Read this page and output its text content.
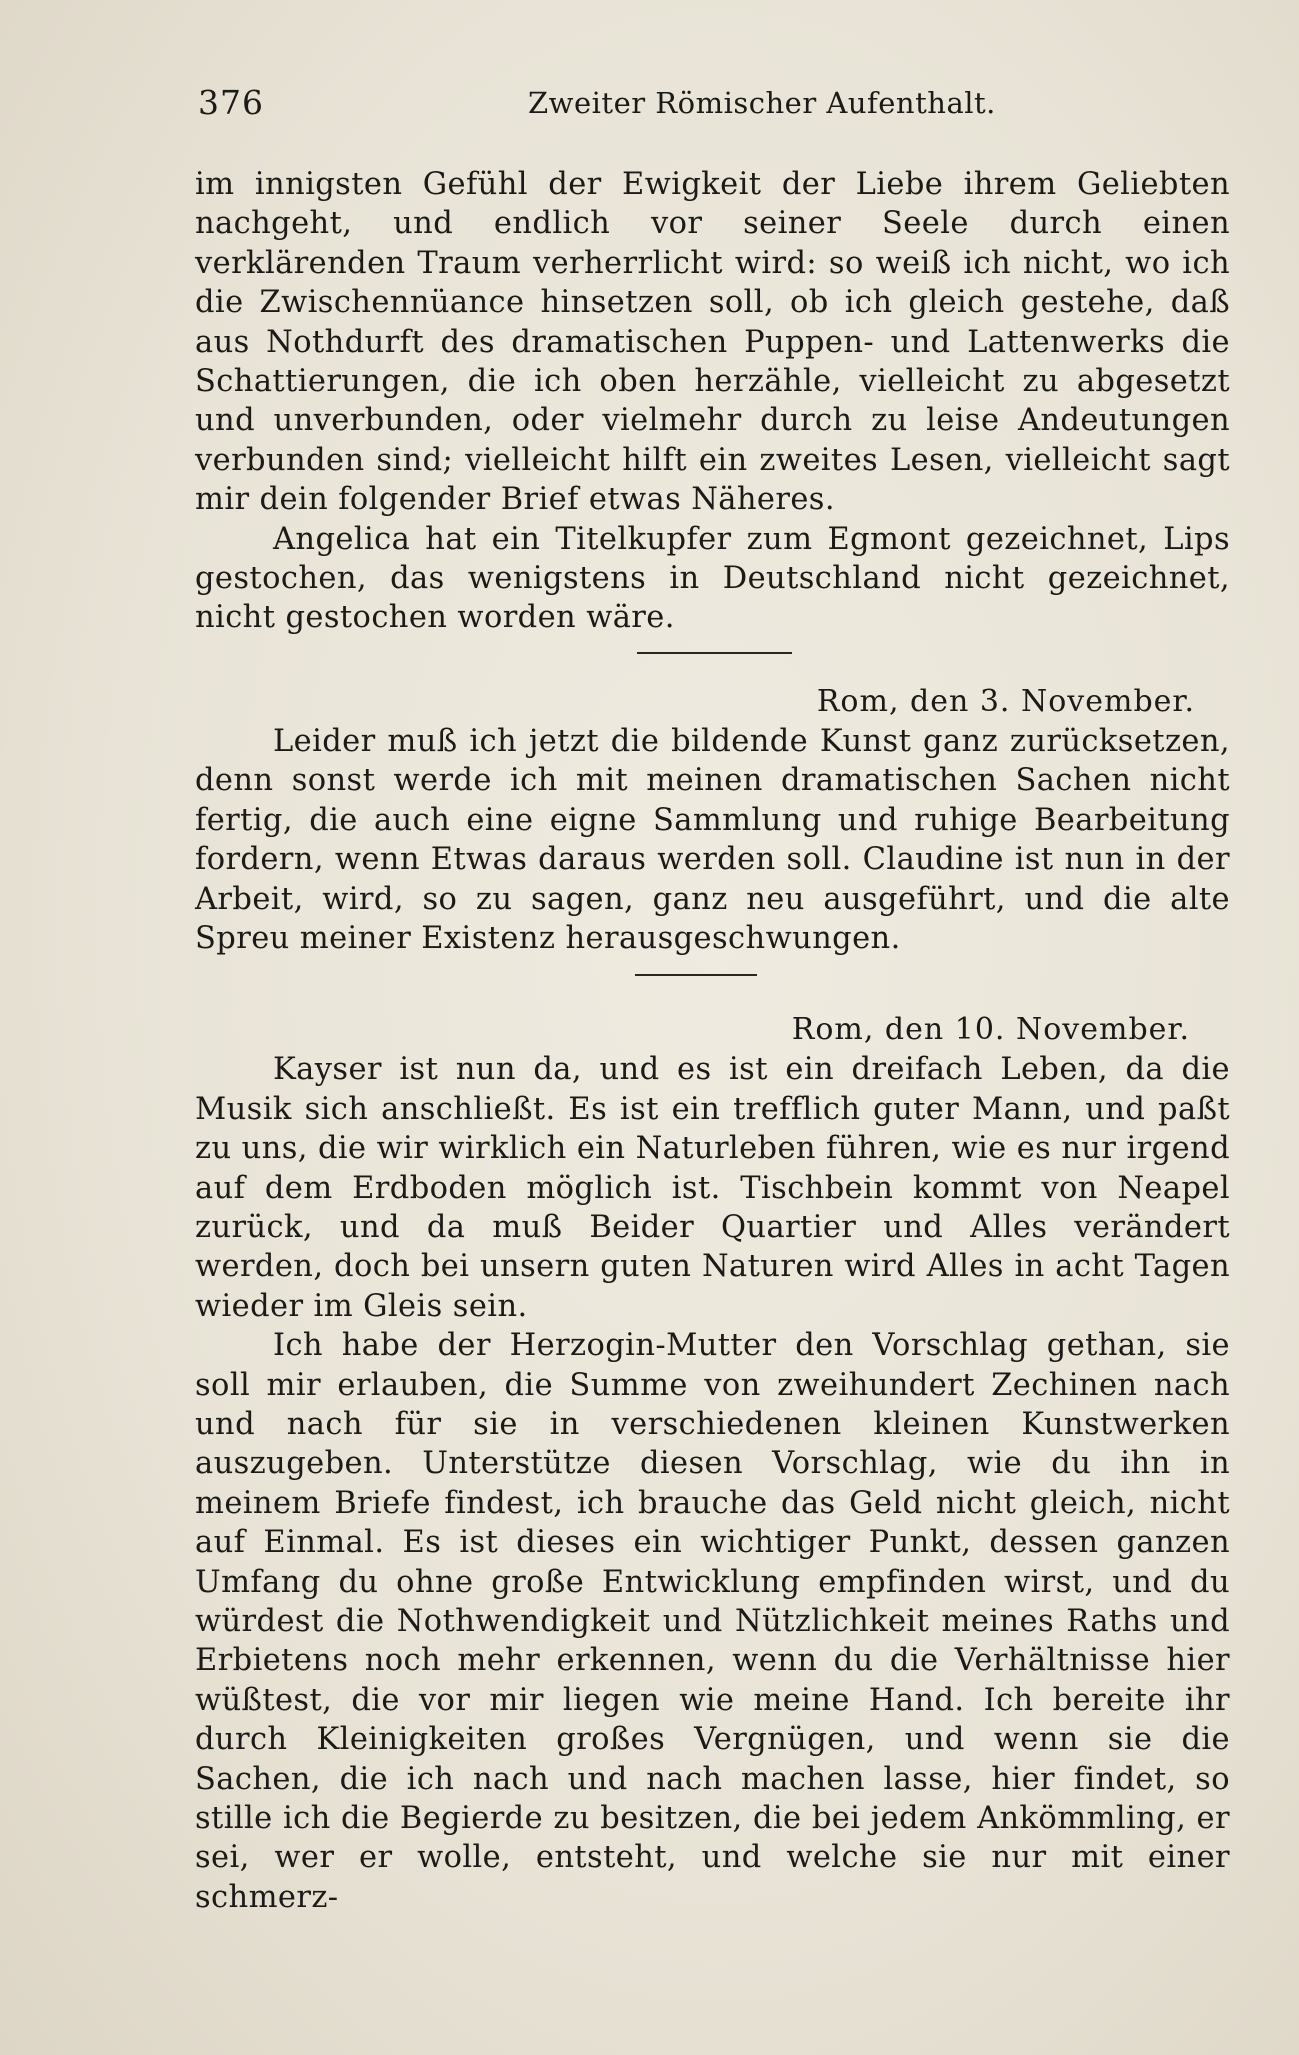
376	Zweiter Römischer Aufenthalt.

im innigsten Gefühl der Ewigkeit der Liebe ihrem Geliebten nachgeht, und endlich vor seiner Seele durch einen verklärenden Traum verherrlicht wird: so weiß ich nicht, wo ich die Zwischennüance hinsetzen soll, ob ich gleich gestehe, daß aus Nothdurft des dramatischen Puppen- und Lattenwerks die Schattierungen, die ich oben herzähle, vielleicht zu abgesetzt und unverbunden, oder vielmehr durch zu leise Andeutungen verbunden sind; vielleicht hilft ein zweites Lesen, vielleicht sagt mir dein folgender Brief etwas Näheres.

Angelica hat ein Titelkupfer zum Egmont gezeichnet, Lips gestochen, das wenigstens in Deutschland nicht gezeichnet, nicht gestochen worden wäre.

Rom, den 3. November.

Leider muß ich jetzt die bildende Kunst ganz zurücksetzen, denn sonst werde ich mit meinen dramatischen Sachen nicht fertig, die auch eine eigne Sammlung und ruhige Bearbeitung fordern, wenn Etwas daraus werden soll. Claudine ist nun in der Arbeit, wird, so zu sagen, ganz neu ausgeführt, und die alte Spreu meiner Existenz herausgeschwungen.

Rom, den 10. November.

Kayser ist nun da, und es ist ein dreifach Leben, da die Musik sich anschließt. Es ist ein trefflich guter Mann, und paßt zu uns, die wir wirklich ein Naturleben führen, wie es nur irgend auf dem Erdboden möglich ist. Tischbein kommt von Neapel zurück, und da muß Beider Quartier und Alles verändert werden, doch bei unsern guten Naturen wird Alles in acht Tagen wieder im Gleis sein.

Ich habe der Herzogin-Mutter den Vorschlag gethan, sie soll mir erlauben, die Summe von zweihundert Zechinen nach und nach für sie in verschiedenen kleinen Kunstwerken auszugeben. Unterstütze diesen Vorschlag, wie du ihn in meinem Briefe findest, ich brauche das Geld nicht gleich, nicht auf Einmal. Es ist dieses ein wichtiger Punkt, dessen ganzen Umfang du ohne große Entwicklung empfinden wirst, und du würdest die Nothwendigkeit und Nützlichkeit meines Raths und Erbietens noch mehr erkennen, wenn du die Verhältnisse hier wüßtest, die vor mir liegen wie meine Hand. Ich bereite ihr durch Kleinigkeiten großes Vergnügen, und wenn sie die Sachen, die ich nach und nach machen lasse, hier findet, so stille ich die Begierde zu besitzen, die bei jedem Ankömmling, er sei, wer er wolle, entsteht, und welche sie nur mit einer schmerz-
